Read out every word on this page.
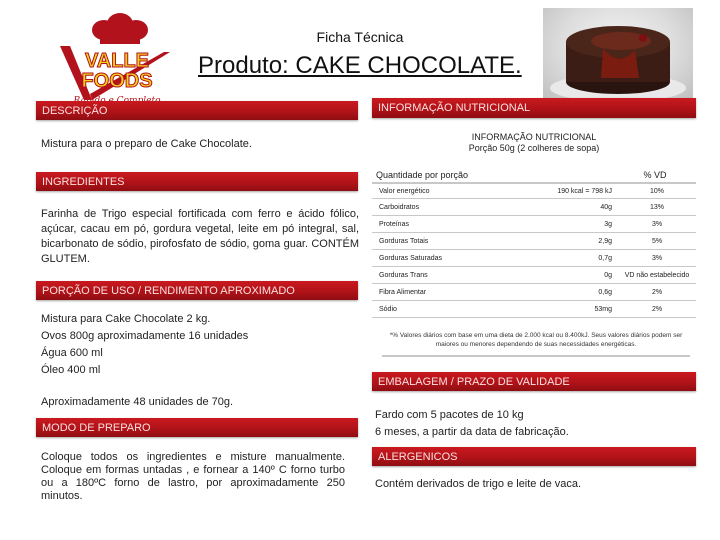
Ficha Técnica
Produto: CAKE CHOCOLATE.
VALLE
FOODS
DESCRIÇÃO
Mistura para o preparo de Cake Chocolate.
INGREDIENTES
Farinha de Trigo especial fortificada com ferro e ácido fólico, açúcar, cacau em pó, gordura vegetal, leite em pó integral, sal, bicarbonato de sódio, pirofosfato de sódio, goma guar. CONTÉM GLUTEM.
PORÇÃO DE USO / RENDIMENTO APROXIMADO
Mistura para Cake Chocolate 2 kg.
Ovos 800g aproximadamente 16 unidades
Água 600 ml
Óleo 400 ml
Aproximadamente 48 unidades de 70g.
MODO DE PREPARO
Coloque todos os ingredientes e misture manualmente. Coloque em formas untadas , e fornear a 140º C forno turbo ou a 180ºC forno de lastro, por aproximadamente 250 minutos.
INFORMAÇÃO NUTRICIONAL
INFORMAÇÃO NUTRICIONAL
Porção 50g (2 colheres de sopa)
Quantidade por porção	% VD
Valor energético	190 kcal = 798 kJ	10%
Carboidratos	40g	13%
Proteínas	3g	3%
Gorduras Totais	2,9g	5%
Gorduras Saturadas	0,7g	3%
Gorduras Trans	0g	VD não estabelecido
Fibra Alimentar	0,6g	2%
Sódio	53mg	2%
*% Valores diários com base em uma dieta de 2.000 kcal ou 8.400kJ. Seus valores diários podem ser maiores ou menores dependendo de suas necessidades energéticas.
EMBALAGEM / PRAZO DE VALIDADE
Fardo com 5 pacotes de 10 kg
6 meses, a partir da data de fabricação.
ALERGENICOS
Contém derivados de trigo e leite de vaca.
